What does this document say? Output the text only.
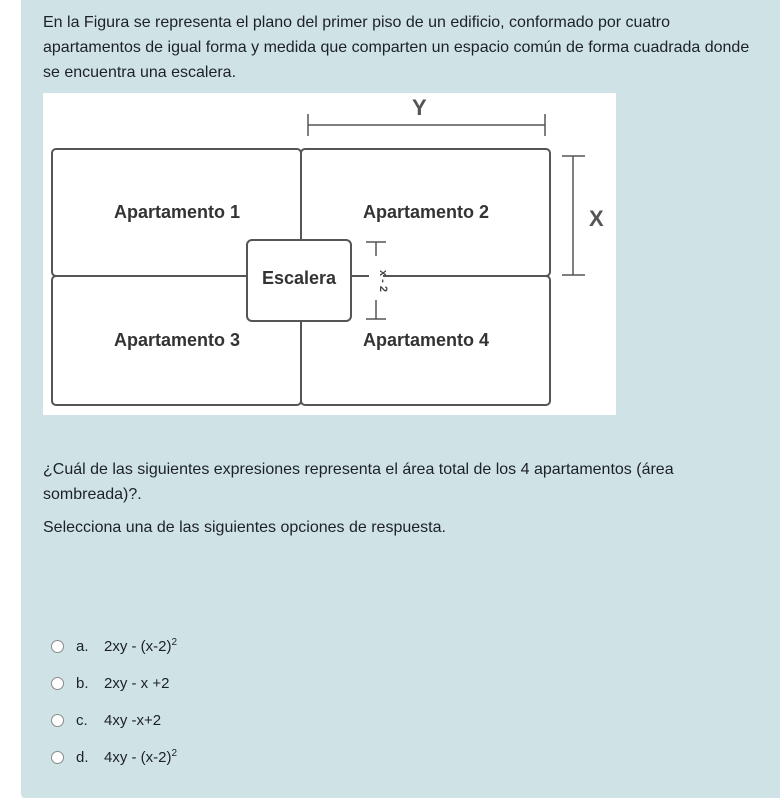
En la Figura se representa el plano del primer piso de un edificio, conformado por cuatro apartamentos de igual forma y medida que comparten un espacio común de forma cuadrada donde se encuentra una escalera.

Y
X
Apartamento 1	Apartamento 2
Apartamento 3	Apartamento 4
Escalera	x - 2

¿Cuál de las siguientes expresiones representa el área total de los 4 apartamentos (área sombreada)?.

Selecciona una de las siguientes opciones de respuesta.

a.	$2xy - (x-2)^2$
b.	2xy - x +2
c.	4xy -x+2
d.	$4xy - (x-2)^2$
